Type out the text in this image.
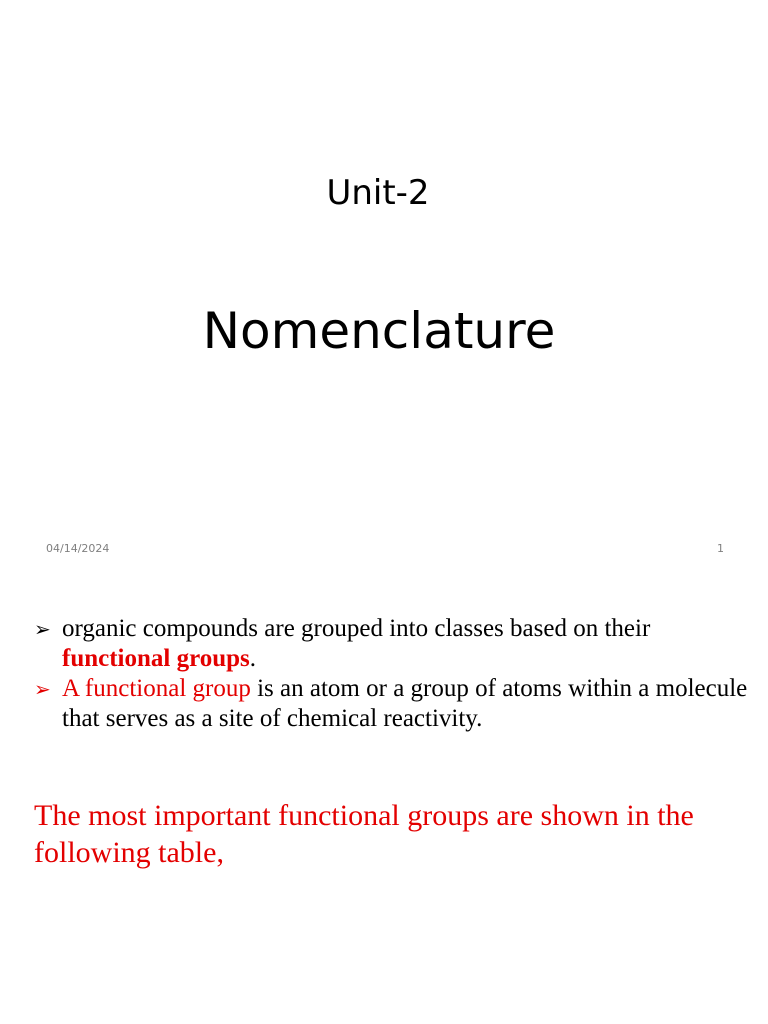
Unit-2
Nomenclature
04/14/2024	1
➢ organic compounds are grouped into classes based on their
functional groups.
➢ A functional group is an atom or a group of atoms within a molecule that serves as a site of chemical reactivity.
The most important functional groups are shown in the following table,
